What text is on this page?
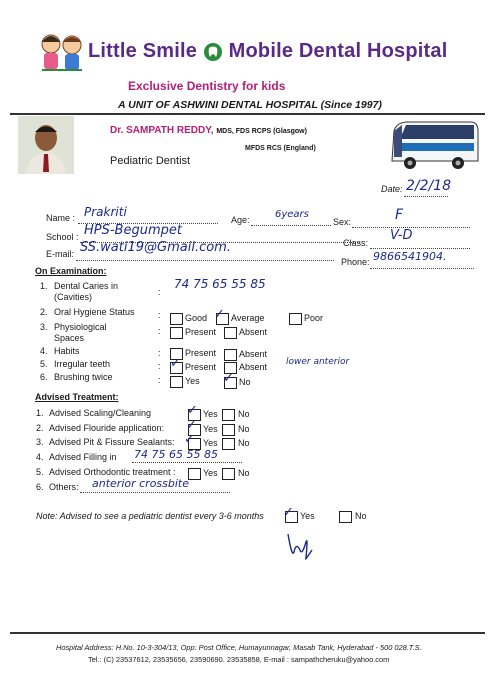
Little Smile Mobile Dental Hospital
Exclusive Dentistry for kids
A UNIT OF ASHWINI DENTAL HOSPITAL (Since 1997)
Dr. SAMPATH REDDY, MDS, FDS RCPS (Glasgow)
MFDS RCS (England)
Pediatric Dentist
Date: 2/2/18
Name : Prakriti
Age:	6years
Sex:	F
School : HPS-Begumpet
Class: V-D
E-mail: SS.wati19@Gmail.com.
Phone: 9866541904.
On Examination:
1. Dental Caries in
(Cavities)	:
74 75 65 55 85
2. Oral Hygiene Status	:	Good ✓ Average	Poor
3. Physiological
Spaces
:	Present	Absent
4. Habits	:	Present	Absent
5. Irregular teeth	: ✓ Present	Absent lower anterior
6. Brushing twice	:	Yes ✓ No
Advised Treatment:
1. Advised Scaling/Cleaning	✓ Yes No
2. Advised Flouride application: ✓ Yes No
3. Advised Pit & Fissure Sealants: ✓ Yes No
4. Advised Filling in 74 75 65 55 85
5. Advised Orthodontic treatment :	Yes No
6. Others: anterior crossbite
Note: Advised to see a pediatric dentist every 3-6 months ✓ Yes	No
Hospital Address: H.No. 10-3-304/13, Opp: Post Office, Humayunnagar, Masab Tank, Hyderabad - 500 028.T.S.
Tel.: (C) 23537612, 23535656, 23590690. 23535858, E-mail : sampathcheruku@yahoo.com
